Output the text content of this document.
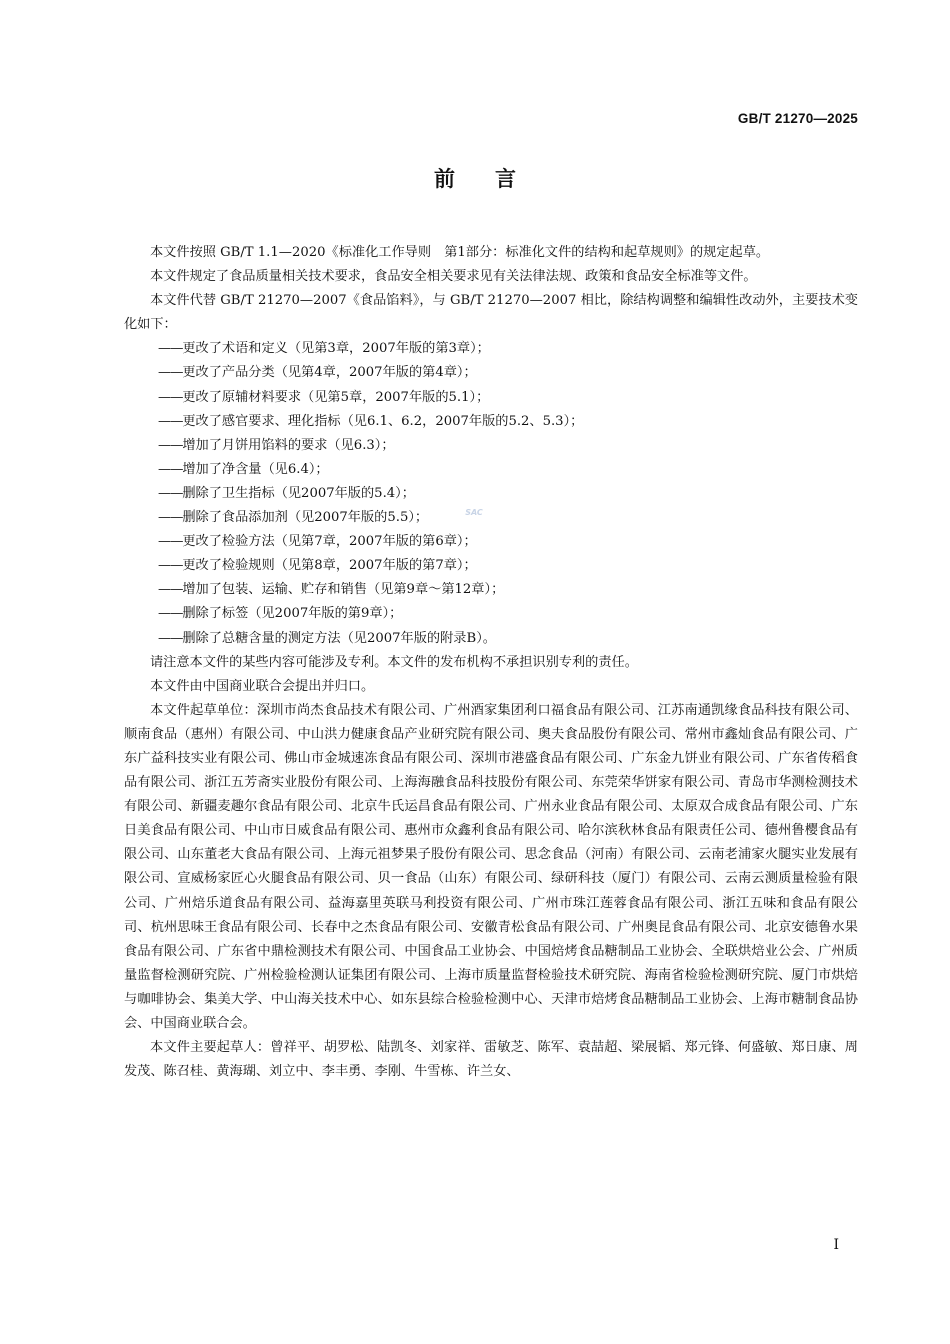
GB/T 21270—2025
前言

本文件按照 GB/T 1.1—2020《标准化工作导则　第1部分：标准化文件的结构和起草规则》的规定起草。

本文件规定了食品质量相关技术要求，食品安全相关要求见有关法律法规、政策和食品安全标准等文件。

本文件代替 GB/T 21270—2007《食品馅料》，与 GB/T 21270—2007 相比，除结构调整和编辑性改动外，主要技术变化如下：

——更改了术语和定义（见第3章，2007年版的第3章）；
——更改了产品分类（见第4章，2007年版的第4章）；
——更改了原辅材料要求（见第5章，2007年版的5.1）；
——更改了感官要求、理化指标（见6.1、6.2，2007年版的5.2、5.3）；
——增加了月饼用馅料的要求（见6.3）；
——增加了净含量（见6.4）；
——删除了卫生指标（见2007年版的5.4）；
——删除了食品添加剂（见2007年版的5.5）；
——更改了检验方法（见第7章，2007年版的第6章）；
——更改了检验规则（见第8章，2007年版的第7章）；
——增加了包装、运输、贮存和销售（见第9章～第12章）；
——删除了标签（见2007年版的第9章）；
——删除了总糖含量的测定方法（见2007年版的附录B）。

请注意本文件的某些内容可能涉及专利。本文件的发布机构不承担识别专利的责任。

本文件由中国商业联合会提出并归口。

本文件起草单位：深圳市尚杰食品技术有限公司、广州酒家集团利口福食品有限公司、江苏南通凯缘食品科技有限公司、顺南食品（惠州）有限公司、中山洪力健康食品产业研究院有限公司、奥夫食品股份有限公司、常州市鑫灿食品有限公司、广东广益科技实业有限公司、佛山市金城速冻食品有限公司、深圳市港盛食品有限公司、广东金九饼业有限公司、广东省传稻食品有限公司、浙江五芳斋实业股份有限公司、上海海融食品科技股份有限公司、东莞荣华饼家有限公司、青岛市华测检测技术有限公司、新疆麦趣尔食品有限公司、北京牛氏运昌食品有限公司、广州永业食品有限公司、太原双合成食品有限公司、广东日美食品有限公司、中山市日威食品有限公司、惠州市众鑫利食品有限公司、哈尔滨秋林食品有限责任公司、德州鲁樱食品有限公司、山东董老大食品有限公司、上海元祖梦果子股份有限公司、思念食品（河南）有限公司、云南老浦家火腿实业发展有限公司、宣威杨家匠心火腿食品有限公司、贝一食品（山东）有限公司、绿研科技（厦门）有限公司、云南云测质量检验有限公司、广州焙乐道食品有限公司、益海嘉里英联马利投资有限公司、广州市珠江莲蓉食品有限公司、浙江五味和食品有限公司、杭州思味王食品有限公司、长春中之杰食品有限公司、安徽青松食品有限公司、广州奥昆食品有限公司、北京安德鲁水果食品有限公司、广东省中鼎检测技术有限公司、中国食品工业协会、中国焙烤食品糖制品工业协会、全联烘焙业公会、广州质量监督检测研究院、广州检验检测认证集团有限公司、上海市质量监督检验技术研究院、海南省检验检测研究院、厦门市烘焙与咖啡协会、集美大学、中山海关技术中心、如东县综合检验检测中心、天津市焙烤食品糖制品工业协会、上海市糖制食品协会、中国商业联合会。

本文件主要起草人：曾祥平、胡罗松、陆凯冬、刘家祥、雷敏芝、陈军、袁喆超、梁展韬、郑元锋、何盛敏、郑日康、周发茂、陈召桂、黄海瑚、刘立中、李丰勇、李刚、牛雪栋、许兰女、

SAC
I
